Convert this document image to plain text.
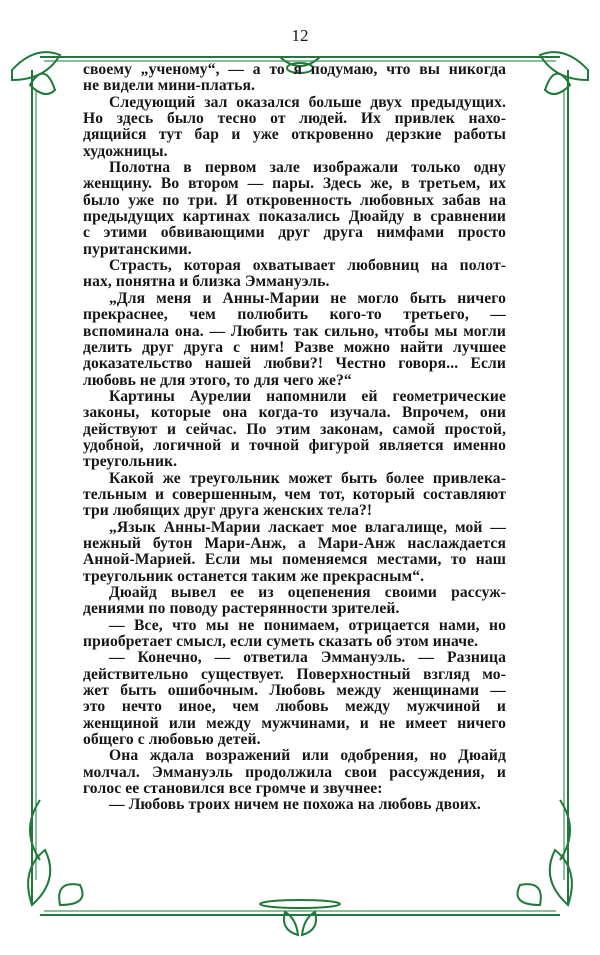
12
своему „ученому“, — а то я подумаю, что вы никогда
не видели мини-платья.
Следующий зал оказался больше двух предыдущих.
Но здесь было тесно от людей. Их привлек нахо-
дящийся тут бар и уже откровенно дерзкие работы
художницы.
Полотна в первом зале изображали только одну
женщину. Во втором — пары. Здесь же, в третьем, их
было уже по три. И откровенность любовных забав на
предыдущих картинах показались Дюайду в сравнении
с этими обвивающими друг друга нимфами просто
пуританскими.
Страсть, которая охватывает любовниц на полот-
нах, понятна и близка Эммануэль.
„Для меня и Анны-Марии не могло быть ничего
прекраснее, чем полюбить кого-то третьего, —
вспоминала она. — Любить так сильно, чтобы мы могли
делить друг друга с ним! Разве можно найти лучшее
доказательство нашей любви?! Честно говоря... Если
любовь не для этого, то для чего же?“
Картины Аурелии напомнили ей геометрические
законы, которые она когда-то изучала. Впрочем, они
действуют и сейчас. По этим законам, самой простой,
удобной, логичной и точной фигурой является именно
треугольник.
Какой же треугольник может быть более привлека-
тельным и совершенным, чем тот, который составляют
три любящих друг друга женских тела?!
„Язык Анны-Марии ласкает мое влагалище, мой —
нежный бутон Мари-Анж, а Мари-Анж наслаждается
Анной-Марией. Если мы поменяемся местами, то наш
треугольник останется таким же прекрасным“.
Дюайд вывел ее из оцепенения своими рассуж-
дениями по поводу растерянности зрителей.
— Все, что мы не понимаем, отрицается нами, но
приобретает смысл, если суметь сказать об этом иначе.
— Конечно, — ответила Эммануэль. — Разница
действительно существует. Поверхностный взгляд мо-
жет быть ошибочным. Любовь между женщинами —
это нечто иное, чем любовь между мужчиной и
женщиной или между мужчинами, и не имеет ничего
общего с любовью детей.
Она ждала возражений или одобрения, но Дюайд
молчал. Эммануэль продолжила свои рассуждения, и
голос ее становился все громче и звучнее:
— Любовь троих ничем не похожа на любовь двоих.
